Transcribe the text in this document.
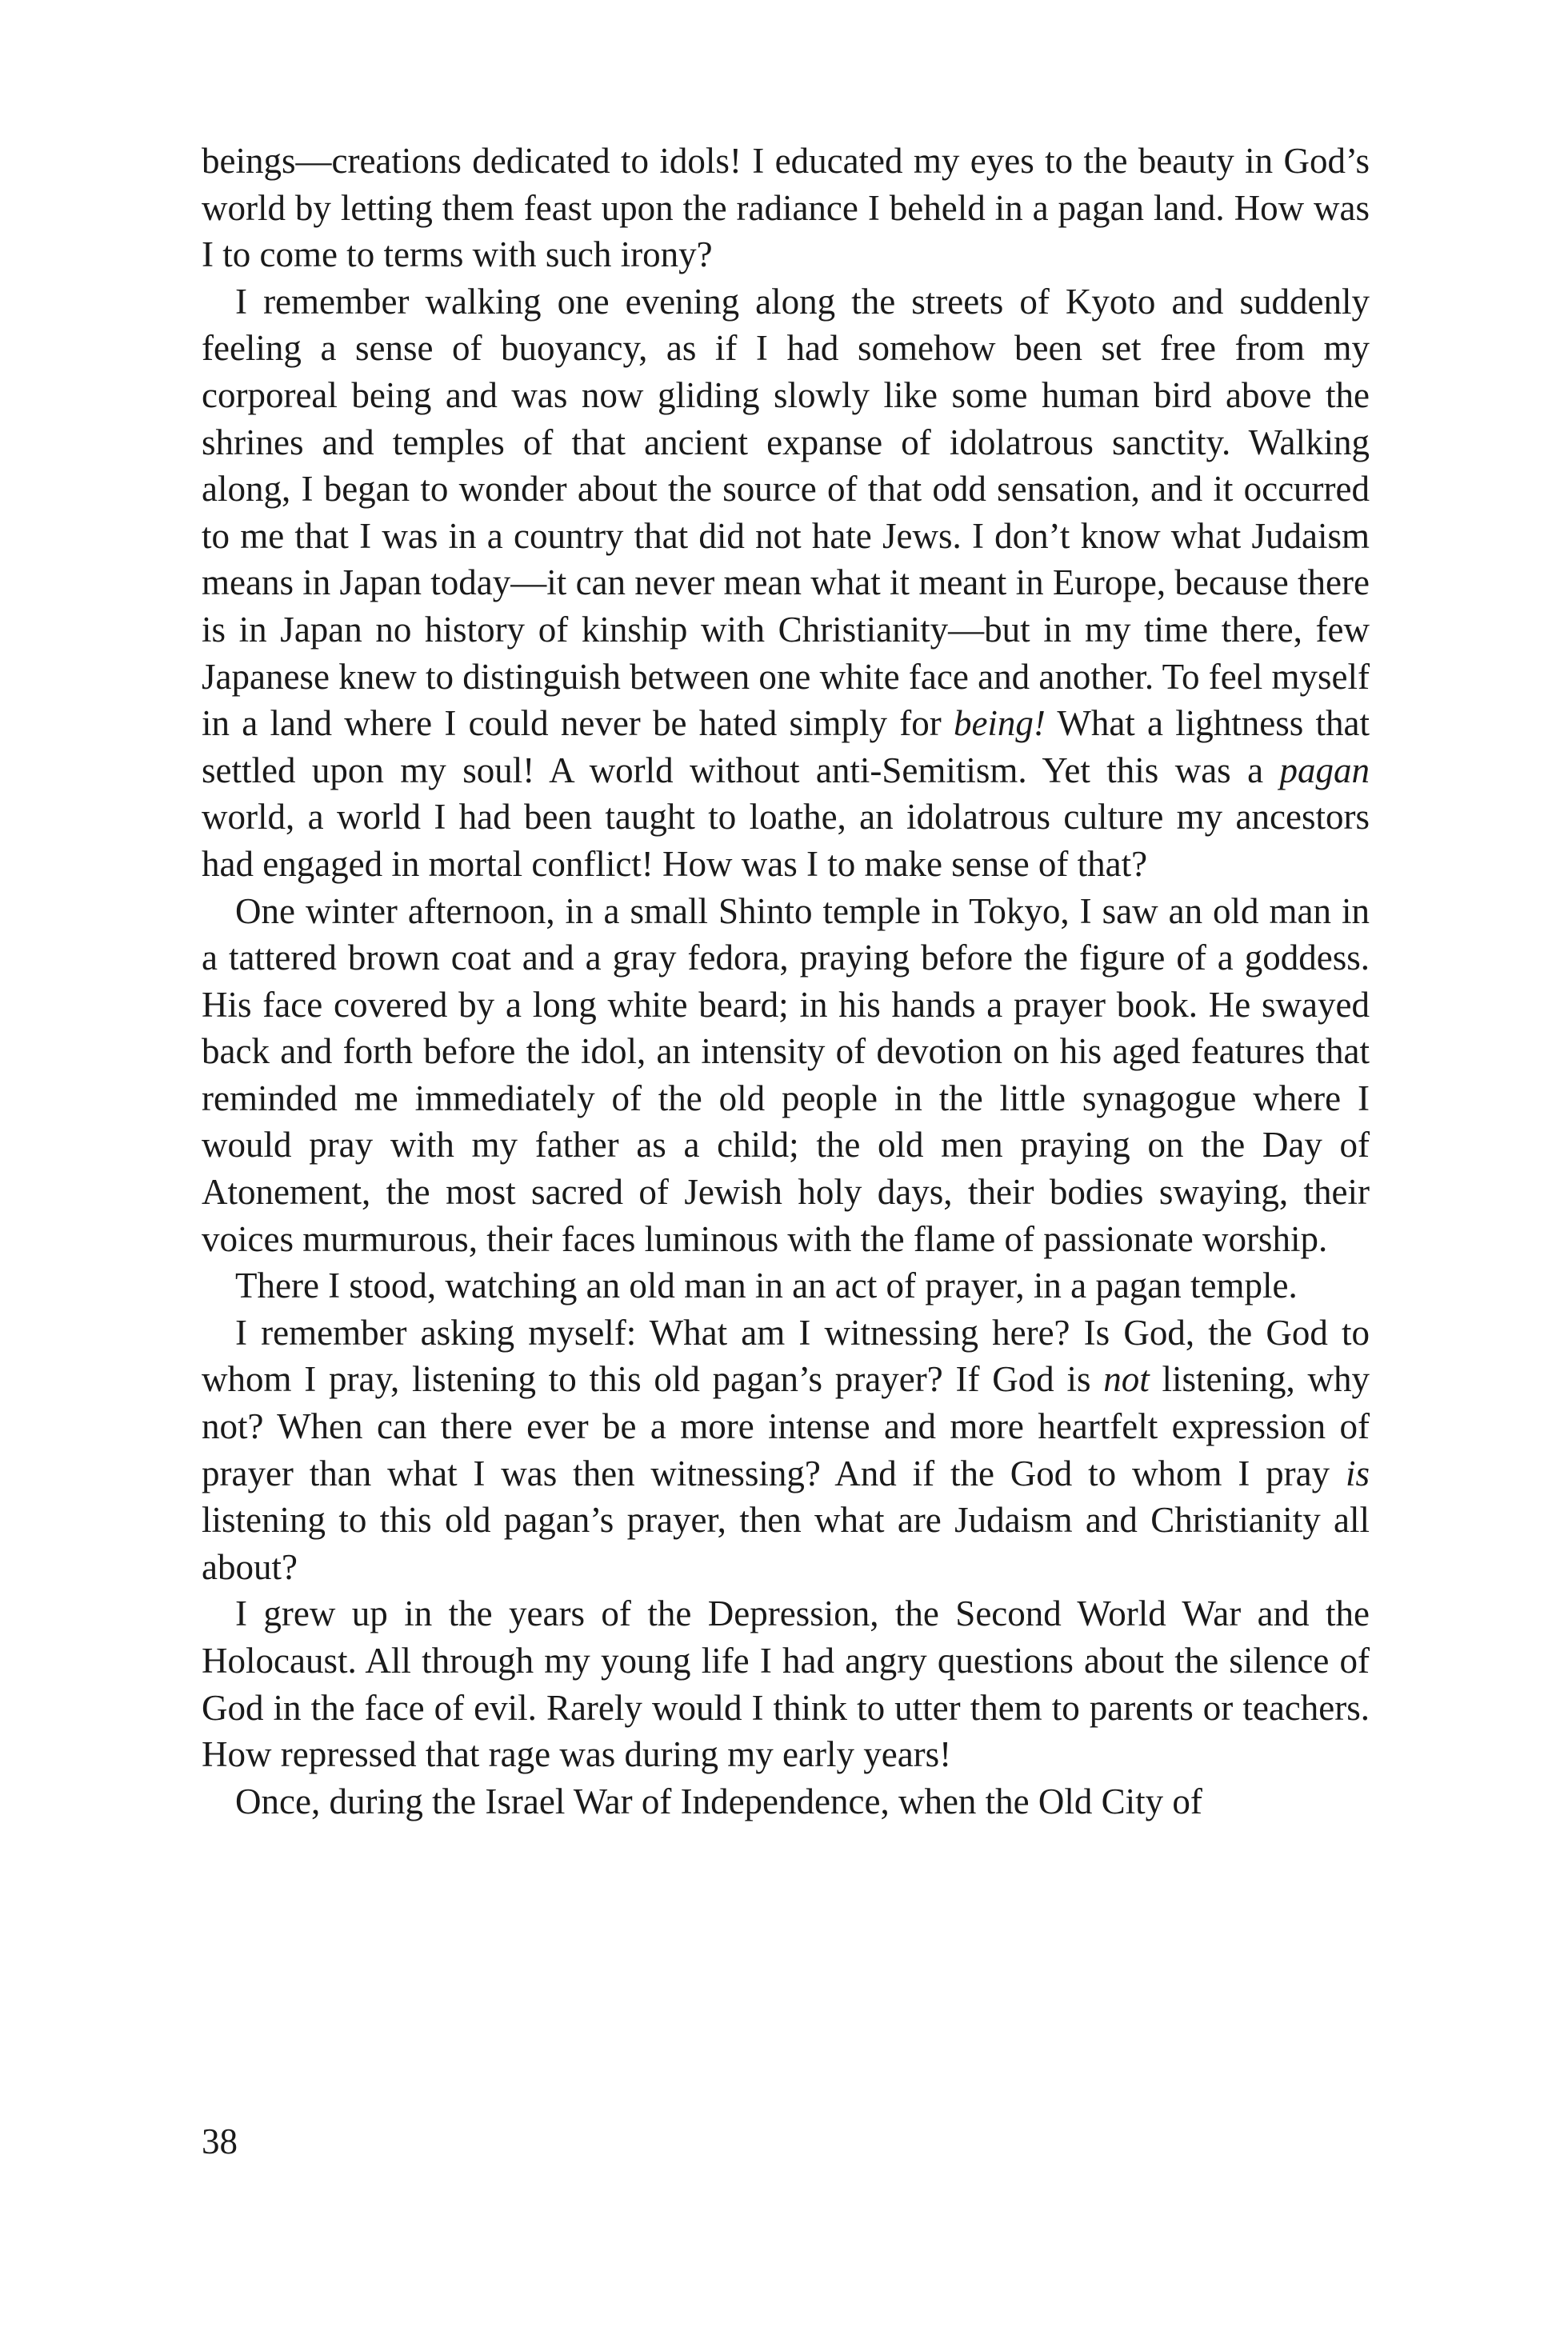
beings—creations dedicated to idols! I educated my eyes to the beauty in God’s world by letting them feast upon the radiance I beheld in a pagan land. How was I to come to terms with such irony?

I remember walking one evening along the streets of Kyoto and suddenly feeling a sense of buoyancy, as if I had somehow been set free from my corporeal being and was now gliding slowly like some human bird above the shrines and temples of that ancient expanse of idolatrous sanctity. Walking along, I began to wonder about the source of that odd sensation, and it occurred to me that I was in a country that did not hate Jews. I don’t know what Judaism means in Japan today—it can never mean what it meant in Europe, because there is in Japan no history of kinship with Christianity—but in my time there, few Japanese knew to distinguish between one white face and another. To feel myself in a land where I could never be hated simply for being! What a lightness that settled upon my soul! A world without anti-Semitism. Yet this was a pagan world, a world I had been taught to loathe, an idolatrous culture my ancestors had engaged in mortal conflict! How was I to make sense of that?

One winter afternoon, in a small Shinto temple in Tokyo, I saw an old man in a tattered brown coat and a gray fedora, praying before the figure of a goddess. His face covered by a long white beard; in his hands a prayer book. He swayed back and forth before the idol, an intensity of devotion on his aged features that reminded me immediately of the old people in the little synagogue where I would pray with my father as a child; the old men praying on the Day of Atonement, the most sacred of Jewish holy days, their bodies swaying, their voices murmurous, their faces luminous with the flame of passionate worship.

There I stood, watching an old man in an act of prayer, in a pagan temple.

I remember asking myself: What am I witnessing here? Is God, the God to whom I pray, listening to this old pagan’s prayer? If God is not listening, why not? When can there ever be a more intense and more heartfelt expression of prayer than what I was then witnessing? And if the God to whom I pray is listening to this old pagan’s prayer, then what are Judaism and Christianity all about?

I grew up in the years of the Depression, the Second World War and the Holocaust. All through my young life I had angry questions about the silence of God in the face of evil. Rarely would I think to utter them to parents or teachers. How repressed that rage was during my early years!

Once, during the Israel War of Independence, when the Old City of

38
